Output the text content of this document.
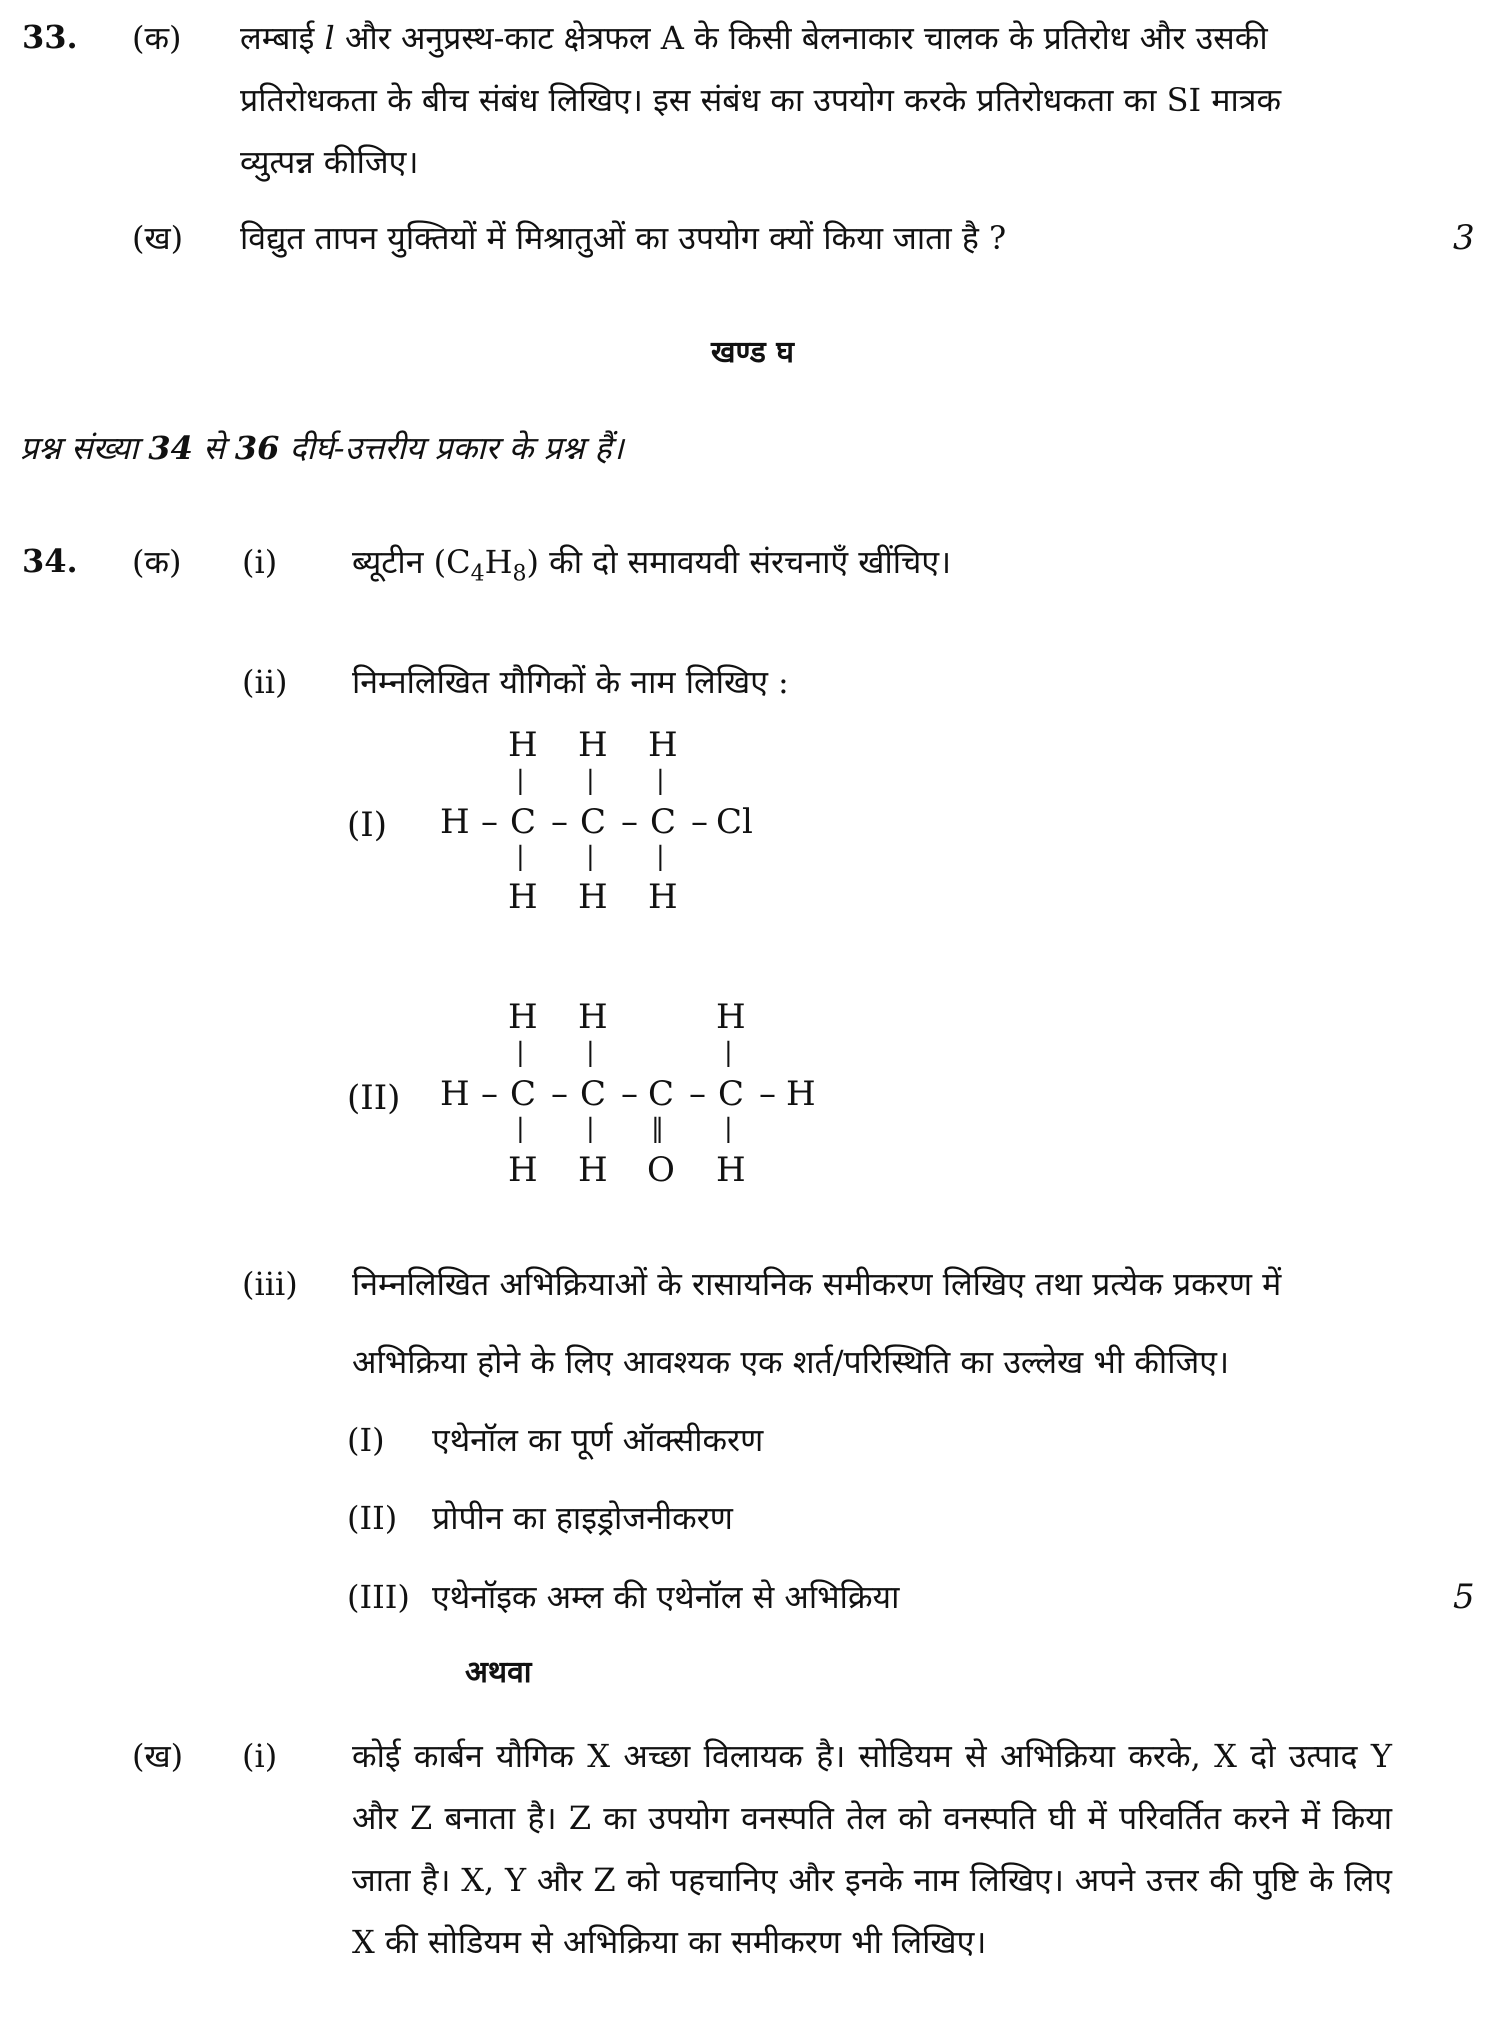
33. (क) लम्बाई l और अनुप्रस्थ-काट क्षेत्रफल A के किसी बेलनाकार चालक के प्रतिरोध और उसकी
प्रतिरोधकता के बीच संबंध लिखिए। इस संबंध का उपयोग करके प्रतिरोधकता का SI मात्रक
व्युत्पन्न कीजिए।
(ख) विद्युत तापन युक्तियों में मिश्रातुओं का उपयोग क्यों किया जाता है ?	3
खण्ड घ
प्रश्न संख्या 34 से 36 दीर्घ-उत्तरीय प्रकार के प्रश्न हैं।
34. (क) (i) ब्यूटीन $(C_4H_8)$ की दो समावयवी संरचनाएँ खींचिए।
(ii) निम्नलिखित यौगिकों के नाम लिखिए :
(I)
H H H
| | |
H – C – C – C – Cl
| | |
H H H
(II)
H H	H
| |	|
H – C – C – C – C – H
| | ‖ |
H H O H
(iii) निम्नलिखित अभिक्रियाओं के रासायनिक समीकरण लिखिए तथा प्रत्येक प्रकरण में
अभिक्रिया होने के लिए आवश्यक एक शर्त/परिस्थिति का उल्लेख भी कीजिए।
(I) एथेनॉल का पूर्ण ऑक्सीकरण
(II) प्रोपीन का हाइड्रोजनीकरण
(III) एथेनॉइक अम्ल की एथेनॉल से अभिक्रिया	5
अथवा
(ख) (i) कोई कार्बन यौगिक X अच्छा विलायक है। सोडियम से अभिक्रिया करके, X दो उत्पाद Y और Z बनाता है। Z का उपयोग वनस्पति तेल को वनस्पति घी में परिवर्तित करने में किया जाता है। X, Y और Z को पहचानिए और इनके नाम लिखिए। अपने उत्तर की पुष्टि के लिए X की सोडियम से अभिक्रिया का समीकरण भी लिखिए।
